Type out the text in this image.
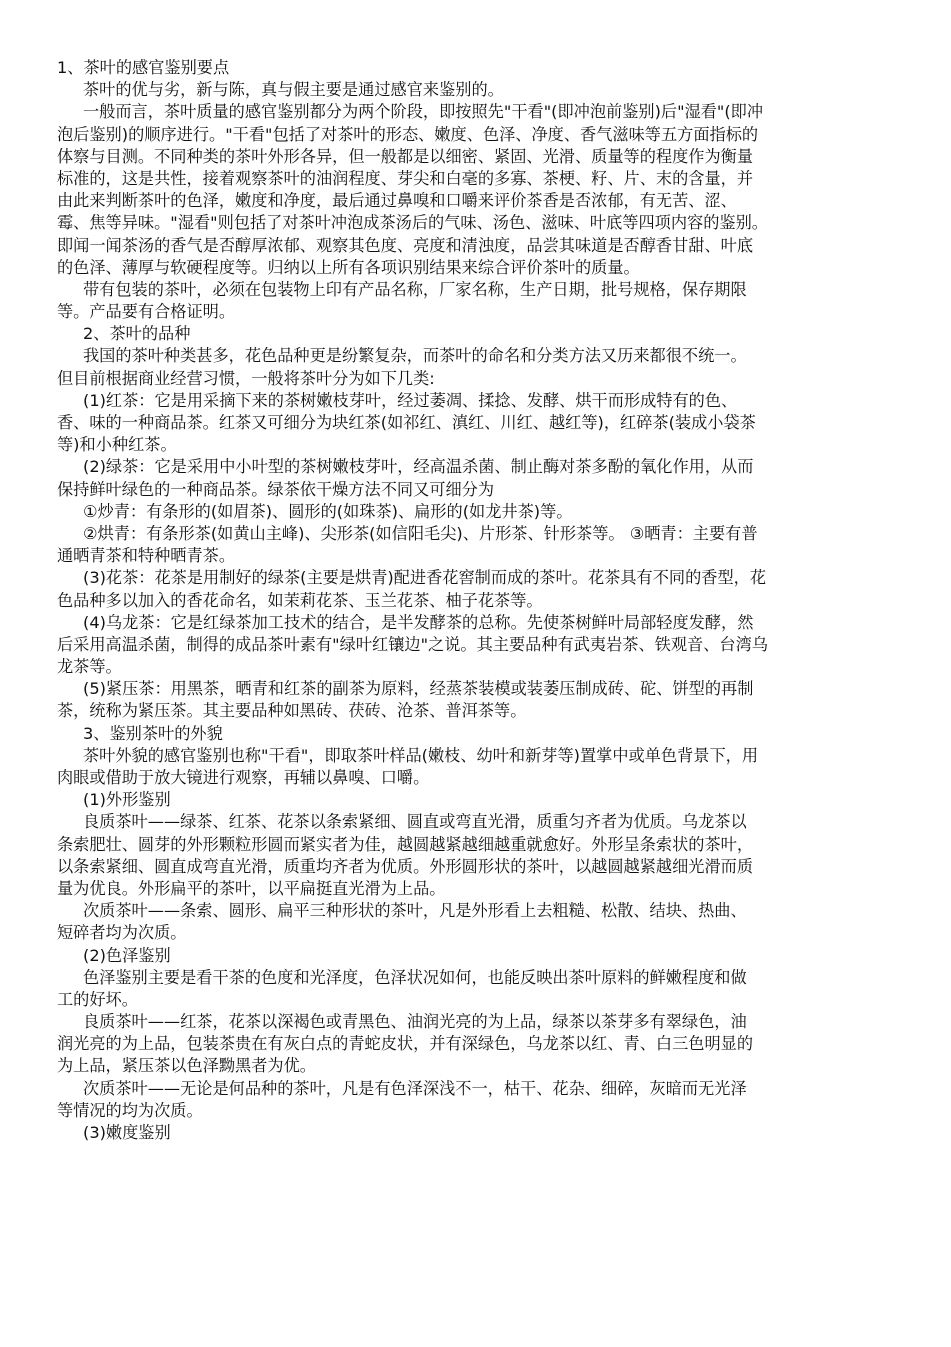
1、茶叶的感官鉴别要点
茶叶的优与劣，新与陈，真与假主要是通过感官来鉴别的。
一般而言，茶叶质量的感官鉴别都分为两个阶段，即按照先"干看"(即冲泡前鉴别)后"湿看"(即冲
泡后鉴别)的顺序进行。"干看"包括了对茶叶的形态、嫩度、色泽、净度、香气滋味等五方面指标的
体察与目测。不同种类的茶叶外形各异，但一般都是以细密、紧固、光滑、质量等的程度作为衡量
标准的，这是共性，接着观察茶叶的油润程度、芽尖和白毫的多寡、茶梗、籽、片、末的含量，并
由此来判断茶叶的色泽，嫩度和净度，最后通过鼻嗅和口嚼来评价茶香是否浓郁，有无苦、涩、
霉、焦等异味。"湿看"则包括了对茶叶冲泡成茶汤后的气味、汤色、滋味、叶底等四项内容的鉴别。
即闻一闻茶汤的香气是否醇厚浓郁、观察其色度、亮度和清浊度，品尝其味道是否醇香甘甜、叶底
的色泽、薄厚与软硬程度等。归纳以上所有各项识别结果来综合评价茶叶的质量。
带有包装的茶叶，必须在包装物上印有产品名称，厂家名称，生产日期，批号规格，保存期限
等。产品要有合格证明。
2、茶叶的品种
我国的茶叶种类甚多，花色品种更是纷繁复杂，而茶叶的命名和分类方法又历来都很不统一。
但目前根据商业经营习惯，一般将茶叶分为如下几类:
(1)红茶：它是用采摘下来的茶树嫩枝芽叶，经过萎凋、揉捻、发酵、烘干而形成特有的色、
香、味的一种商品茶。红茶又可细分为块红茶(如祁红、滇红、川红、越红等)，红碎茶(装成小袋茶
等)和小种红茶。
(2)绿茶：它是采用中小叶型的茶树嫩枝芽叶，经高温杀菌、制止酶对茶多酚的氧化作用，从而
保持鲜叶绿色的一种商品茶。绿茶依干燥方法不同又可细分为
①炒青：有条形的(如眉茶)、圆形的(如珠茶)、扁形的(如龙井茶)等。
②烘青：有条形茶(如黄山主峰)、尖形茶(如信阳毛尖)、片形茶、针形茶等。 ③晒青：主要有普
通晒青茶和特种晒青茶。
(3)花茶：花茶是用制好的绿茶(主要是烘青)配进香花窖制而成的茶叶。花茶具有不同的香型，花
色品种多以加入的香花命名，如茉莉花茶、玉兰花茶、柚子花茶等。
(4)乌龙茶：它是红绿茶加工技术的结合，是半发酵茶的总称。先使茶树鲜叶局部轻度发酵，然
后采用高温杀菌，制得的成品茶叶素有"绿叶红镶边"之说。其主要品种有武夷岩茶、铁观音、台湾乌
龙茶等。
(5)紧压茶：用黑茶，晒青和红茶的副茶为原料，经蒸茶装模或装萎压制成砖、砣、饼型的再制
茶，统称为紧压茶。其主要品种如黑砖、茯砖、沧茶、普洱茶等。
3、鉴别茶叶的外貌
茶叶外貌的感官鉴别也称"干看"，即取茶叶样品(嫩枝、幼叶和新芽等)置掌中或单色背景下，用
肉眼或借助于放大镜进行观察，再辅以鼻嗅、口嚼。
(1)外形鉴别
良质茶叶——绿茶、红茶、花茶以条索紧细、圆直或弯直光滑，质重匀齐者为优质。乌龙茶以
条索肥壮、圆芽的外形颗粒形圆而紧实者为佳，越圆越紧越细越重就愈好。外形呈条索状的茶叶，
以条索紧细、圆直成弯直光滑，质重均齐者为优质。外形圆形状的茶叶，以越圆越紧越细光滑而质
量为优良。外形扁平的茶叶，以平扁挺直光滑为上品。
次质茶叶——条索、圆形、扁平三种形状的茶叶，凡是外形看上去粗糙、松散、结块、热曲、
短碎者均为次质。
(2)色泽鉴别
色泽鉴别主要是看干茶的色度和光泽度，色泽状况如何，也能反映出茶叶原料的鲜嫩程度和做
工的好坏。
良质茶叶——红茶，花茶以深褐色或青黑色、油润光亮的为上品，绿茶以茶芽多有翠绿色，油
润光亮的为上品，包装茶贵在有灰白点的青蛇皮状，并有深绿色，乌龙茶以红、青、白三色明显的
为上品，紧压茶以色泽黝黑者为优。
次质茶叶——无论是何品种的茶叶，凡是有色泽深浅不一，枯干、花杂、细碎，灰暗而无光泽
等情况的均为次质。
(3)嫩度鉴别
